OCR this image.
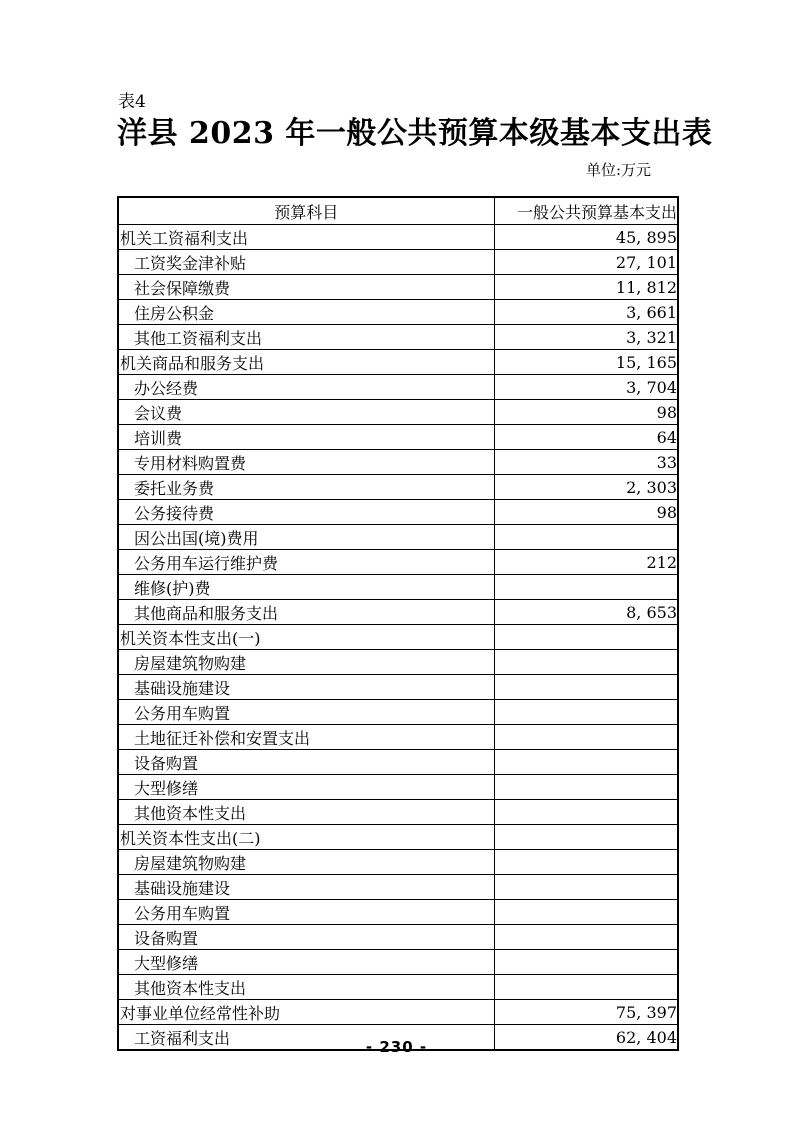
表4
洋县 2023 年一般公共预算本级基本支出表
单位:万元
预算科目	一般公共预算基本支出
机关工资福利支出	45, 895
工资奖金津补贴	27, 101
社会保障缴费	11, 812
住房公积金	3, 661
其他工资福利支出	3, 321
机关商品和服务支出	15, 165
办公经费	3, 704
会议费	98
培训费	64
专用材料购置费	33
委托业务费	2, 303
公务接待费	98
因公出国(境)费用	
公务用车运行维护费	212
维修(护)费	
其他商品和服务支出	8, 653
机关资本性支出(一)	
房屋建筑物购建	
基础设施建设	
公务用车购置	
土地征迁补偿和安置支出	
设备购置	
大型修缮	
其他资本性支出	
机关资本性支出(二)	
房屋建筑物购建	
基础设施建设	
公务用车购置	
设备购置	
大型修缮	
其他资本性支出	
对事业单位经常性补助	75, 397
工资福利支出	62, 404
- 230 -
